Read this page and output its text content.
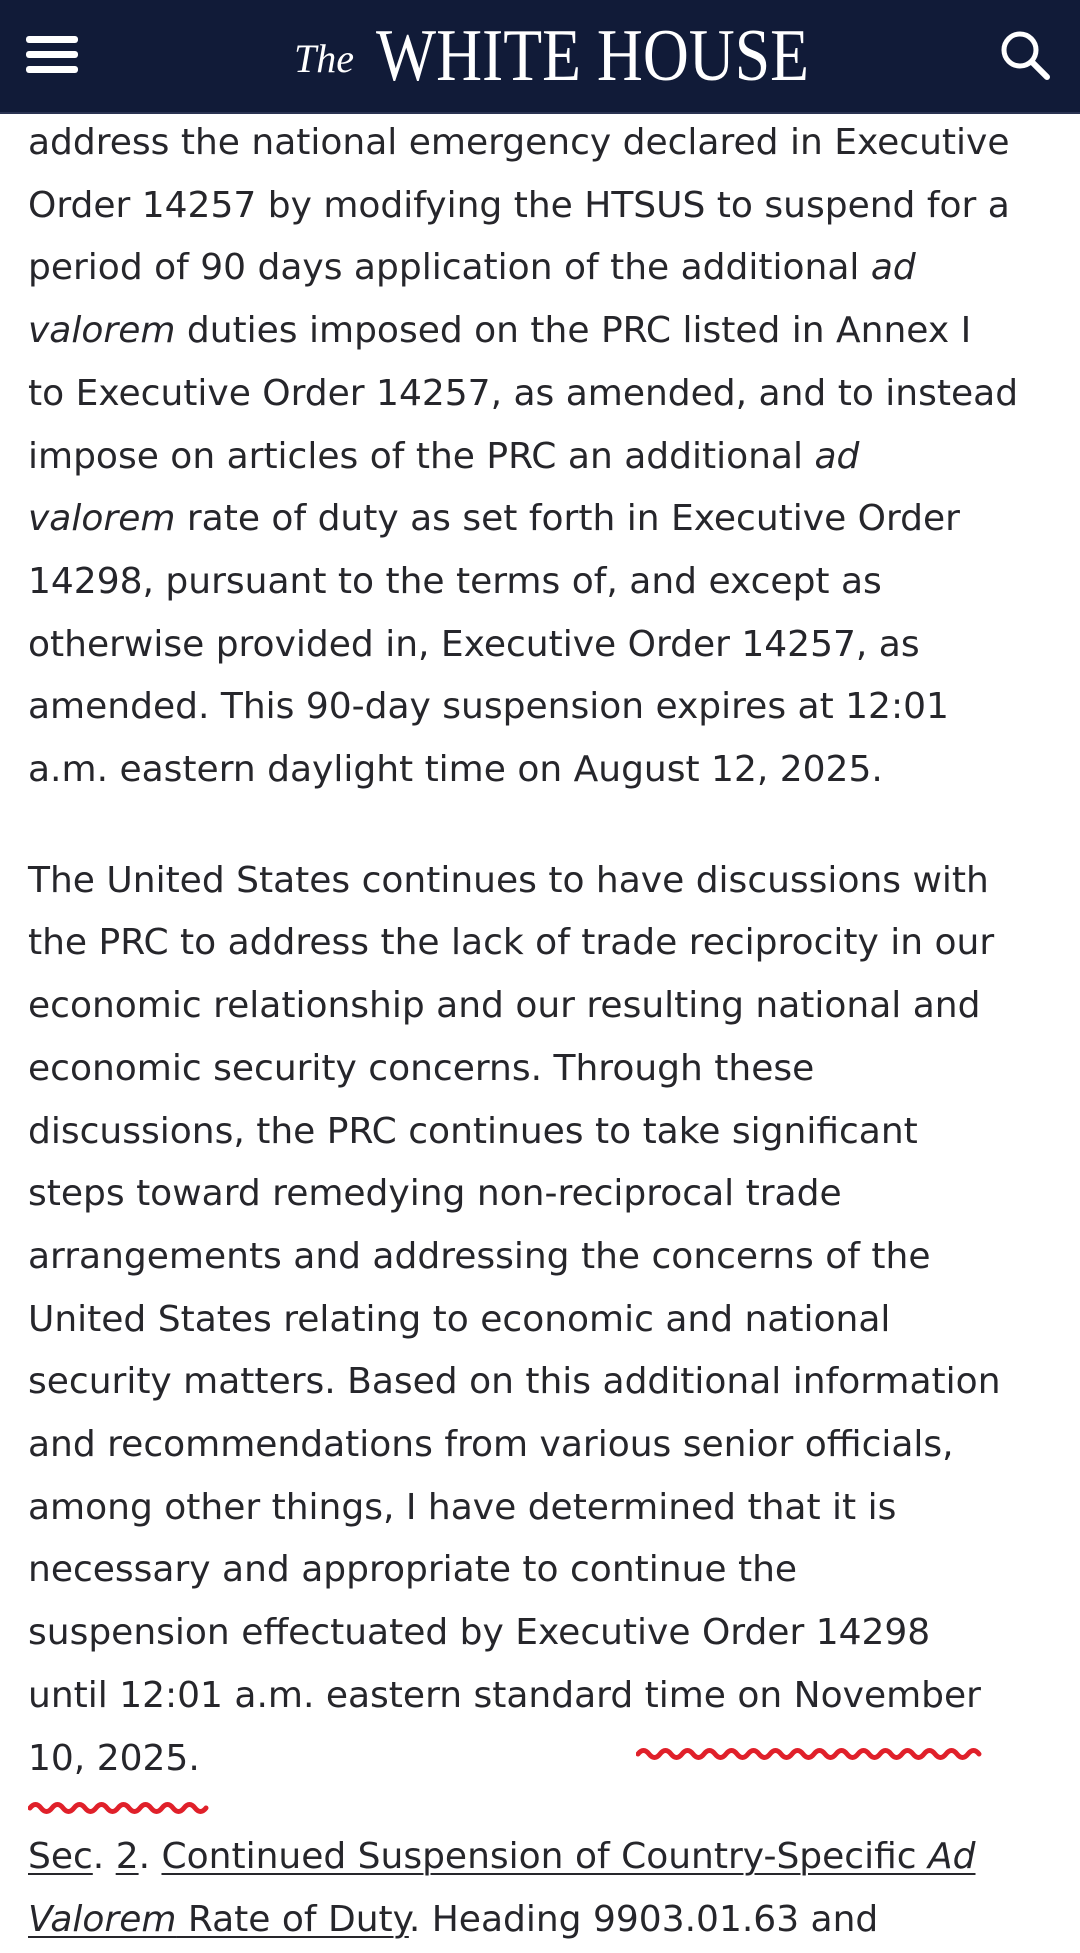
The WHITE HOUSE

address the national emergency declared in Executive

Order 14257 by modifying the HTSUS to suspend for a

period of 90 days application of the additional ad

valorem duties imposed on the PRC listed in Annex I

to Executive Order 14257, as amended, and to instead

impose on articles of the PRC an additional ad

valorem rate of duty as set forth in Executive Order

14298, pursuant to the terms of, and except as

otherwise provided in, Executive Order 14257, as

amended. This 90-day suspension expires at 12:01

a.m. eastern daylight time on August 12, 2025.

The United States continues to have discussions with

the PRC to address the lack of trade reciprocity in our

economic relationship and our resulting national and

economic security concerns. Through these

discussions, the PRC continues to take significant

steps toward remedying non-reciprocal trade

arrangements and addressing the concerns of the

United States relating to economic and national

security matters. Based on this additional information

and recommendations from various senior officials,

among other things, I have determined that it is

necessary and appropriate to continue the

suspension effectuated by Executive Order 14298

until 12:01 a.m. eastern standard time on November

10, 2025.

Sec. 2. Continued Suspension of Country-Specific Ad

Valorem Rate of Duty. Heading 9903.01.63 and
